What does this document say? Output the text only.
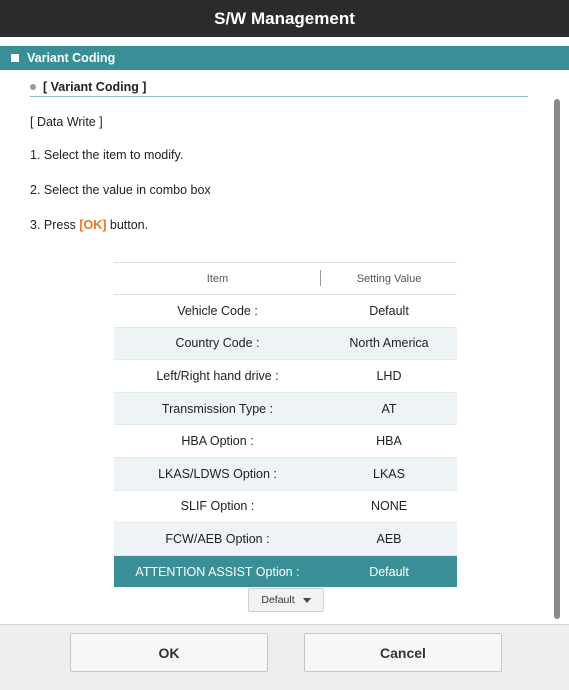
S/W Management
Variant Coding
[ Variant Coding ]
[ Data Write ]
1. Select the item to modify.
2. Select the value in combo box
3. Press [OK] button.
Item	Setting Value
Vehicle Code :	Default
Country Code :	North America
Left/Right hand drive :	LHD
Transmission Type :	AT
HBA Option :	HBA
LKAS/LDWS Option :	LKAS
SLIF Option :	NONE
FCW/AEB Option :	AEB
ATTENTION ASSIST Option :	Default
Default
OK	Cancel
